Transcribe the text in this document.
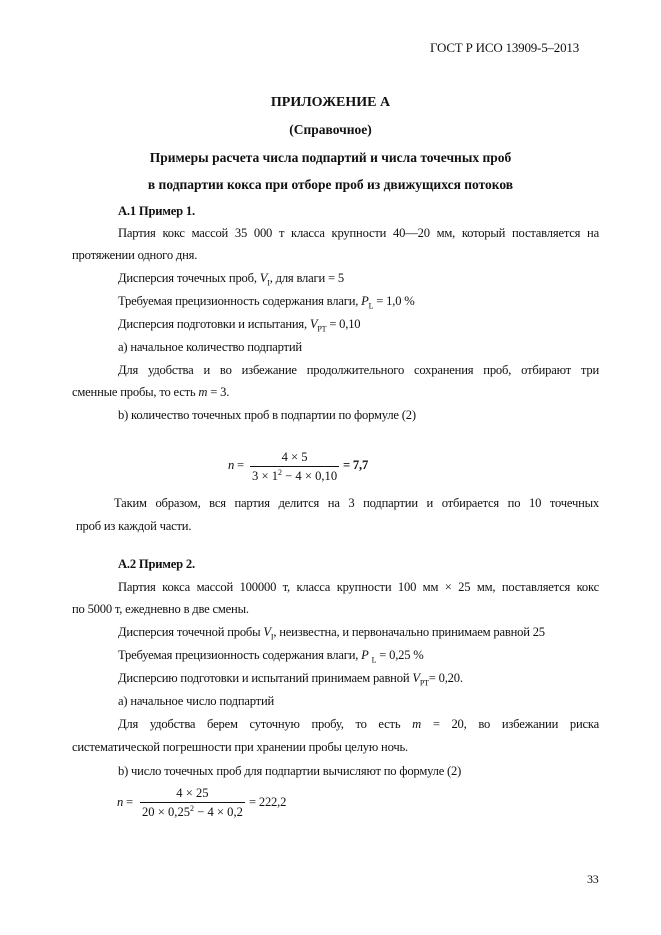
ГОСТ Р ИСО 13909-5–2013
ПРИЛОЖЕНИЕ А
(Справочное)
Примеры расчета числа подпартий и числа точечных проб
в подпартии кокса при отборе проб из движущихся потоков
А.1 Пример 1.
Партия кокс массой 35 000 т класса крупности 40—20 мм, который поставляется на
протяжении одного дня.
Дисперсия точечных проб, $V_I$, для влаги = 5
Требуемая прецизионность содержания влаги, $P_L = 1,0$ %
Дисперсия подготовки и испытания, $V_{PT} = 0,10$
а) начальное количество подпартий
Для удобства и во избежание продолжительного сохранения проб, отбирают три
сменные пробы, то есть m = 3.
b) количество точечных проб в подпартии по формуле (2)
n =
4 × 5
$3 \times 1^2 - 4 \times 0,10$
= 7,7
Таким образом, вся партия делится на 3 подпартии и отбирается по 10 точечных
проб из каждой части.
А.2 Пример 2.
Партия кокса массой 100000 т, класса крупности 100 мм × 25 мм, поставляется кокс
по 5000 т, ежедневно в две смены.
Дисперсия точечной пробы $V_I$, неизвестна, и первоначально принимаем равной 25
Требуемая прецизионность содержания влаги, P $_L$ = 0,25 %
Дисперсию подготовки и испытаний принимаем равной $V_{PT}= 0,20$.
а) начальное число подпартий
Для удобства берем суточную пробу, то есть m = 20, во избежании риска
систематической погрешности при хранении пробы целую ночь.
b) число точечных проб для подпартии вычисляют по формуле (2)
n =
4 × 25
$20 \times 0,25^2 - 4 \times 0,2$
= 222,2
33
